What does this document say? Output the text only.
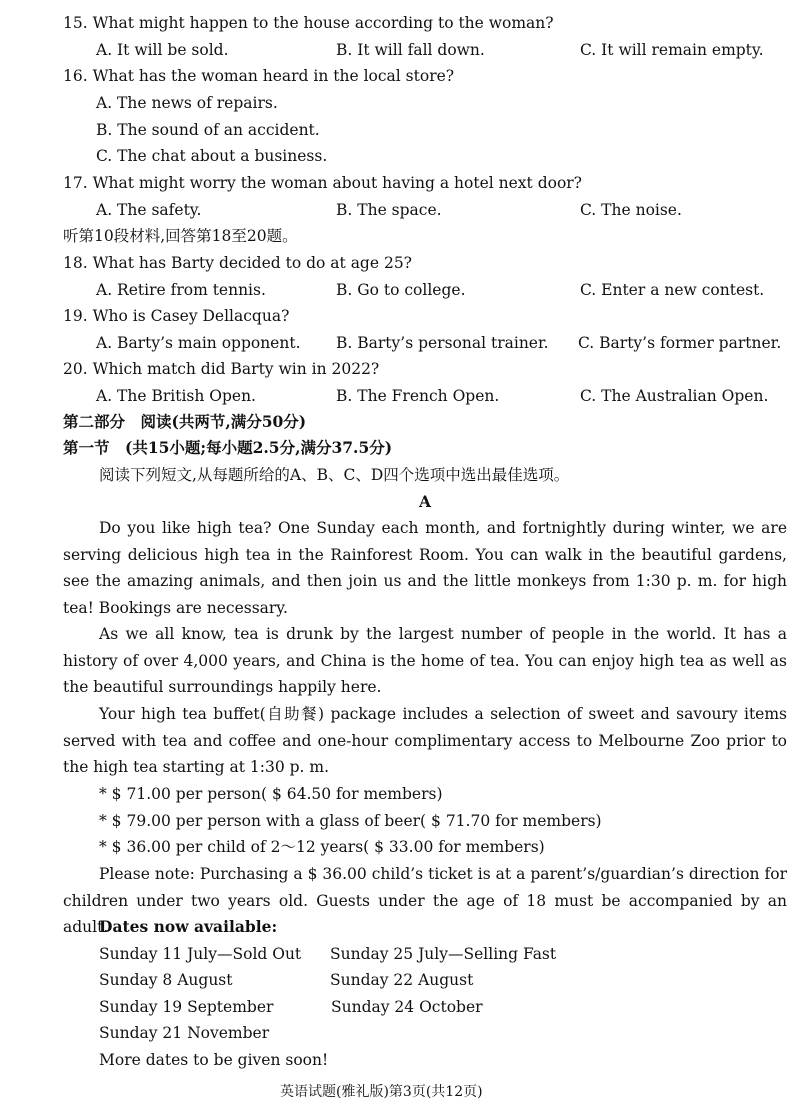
15. What might happen to the house according to the woman?
A. It will be sold.	B. It will fall down.	C. It will remain empty.
16. What has the woman heard in the local store?
A. The news of repairs.
B. The sound of an accident.
C. The chat about a business.
17. What might worry the woman about having a hotel next door?
A. The safety.	B. The space.	C. The noise.
听第10段材料,回答第18至20题。
18. What has Barty decided to do at age 25?
A. Retire from tennis.	B. Go to college.	C. Enter a new contest.
19. Who is Casey Dellacqua?
A. Barty’s main opponent. B. Barty’s personal trainer. C. Barty’s former partner.
20. Which match did Barty win in 2022?
A. The British Open.	B. The French Open.	C. The Australian Open.
第二部分　阅读(共两节,满分50分)
第一节　(共15小题;每小题2.5分,满分37.5分)
阅读下列短文,从每题所给的A、B、C、D四个选项中选出最佳选项。
A
Do you like high tea? One Sunday each month, and fortnightly during winter, we are serving delicious high tea in the Rainforest Room. You can walk in the beautiful gardens, see the amazing animals, and then join us and the little monkeys from 1:30 p. m. for high tea! Bookings are necessary.
As we all know, tea is drunk by the largest number of people in the world. It has a history of over 4,000 years, and China is the home of tea. You can enjoy high tea as well as the beautiful surroundings happily here.
Your high tea buffet(自助餐) package includes a selection of sweet and savoury items served with tea and coffee and one-hour complimentary access to Melbourne Zoo prior to the high tea starting at 1:30 p. m.
* $ 71.00 per person( $ 64.50 for members)
* $ 79.00 per person with a glass of beer( $ 71.70 for members)
* $ 36.00 per child of 2～12 years( $ 33.00 for members)
Please note: Purchasing a $ 36.00 child’s ticket is at a parent’s/guardian’s direction for children under two years old. Guests under the age of 18 must be accompanied by an adult.
Dates now available:
Sunday 11 July—Sold Out Sunday 25 July—Selling Fast
Sunday 8 August	Sunday 22 August
Sunday 19 September	Sunday 24 October
Sunday 21 November
More dates to be given soon!
英语试题(雅礼版)第3页(共12页)
